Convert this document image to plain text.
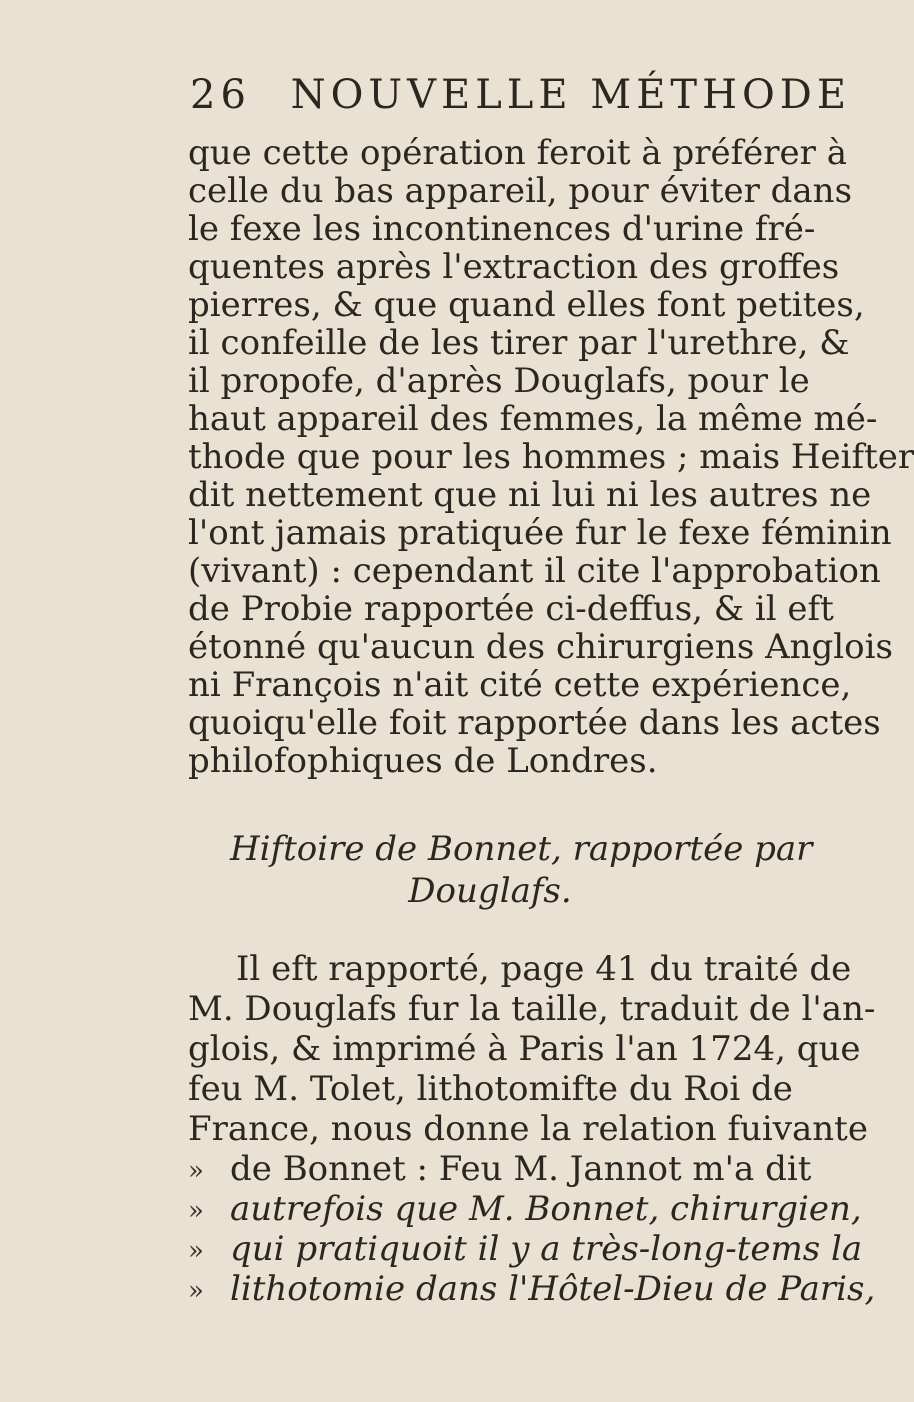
26 NOUVELLE MÉTHODE
que cette opération feroit à préférer à
celle du bas appareil, pour éviter dans
le fexe les incontinences d'urine fré-
quentes après l'extraction des groffes
pierres, & que quand elles font petites,
il confeille de les tirer par l'urethre, &
il propofe, d'après Douglafs, pour le
haut appareil des femmes, la même mé-
thode que pour les hommes ; mais Heifter
dit nettement que ni lui ni les autres ne
l'ont jamais pratiquée fur le fexe féminin
(vivant) : cependant il cite l'approbation
de Probie rapportée ci-deffus, & il eft
étonné qu'aucun des chirurgiens Anglois
ni François n'ait cité cette expérience,
quoiqu'elle foit rapportée dans les actes
philofophiques de Londres.
Hiftoire de Bonnet, rapportée par
Douglafs.
Il eft rapporté, page 41 du traité de
M. Douglafs fur la taille, traduit de l'an-
glois, & imprimé à Paris l'an 1724, que
feu M. Tolet, lithotomifte du Roi de
France, nous donne la relation fuivante
» de Bonnet : Feu M. Jannot m'a dit
» autrefois que M. Bonnet, chirurgien,
» qui pratiquoit il y a très-long-tems la
» lithotomie dans l'Hôtel-Dieu de Paris,
